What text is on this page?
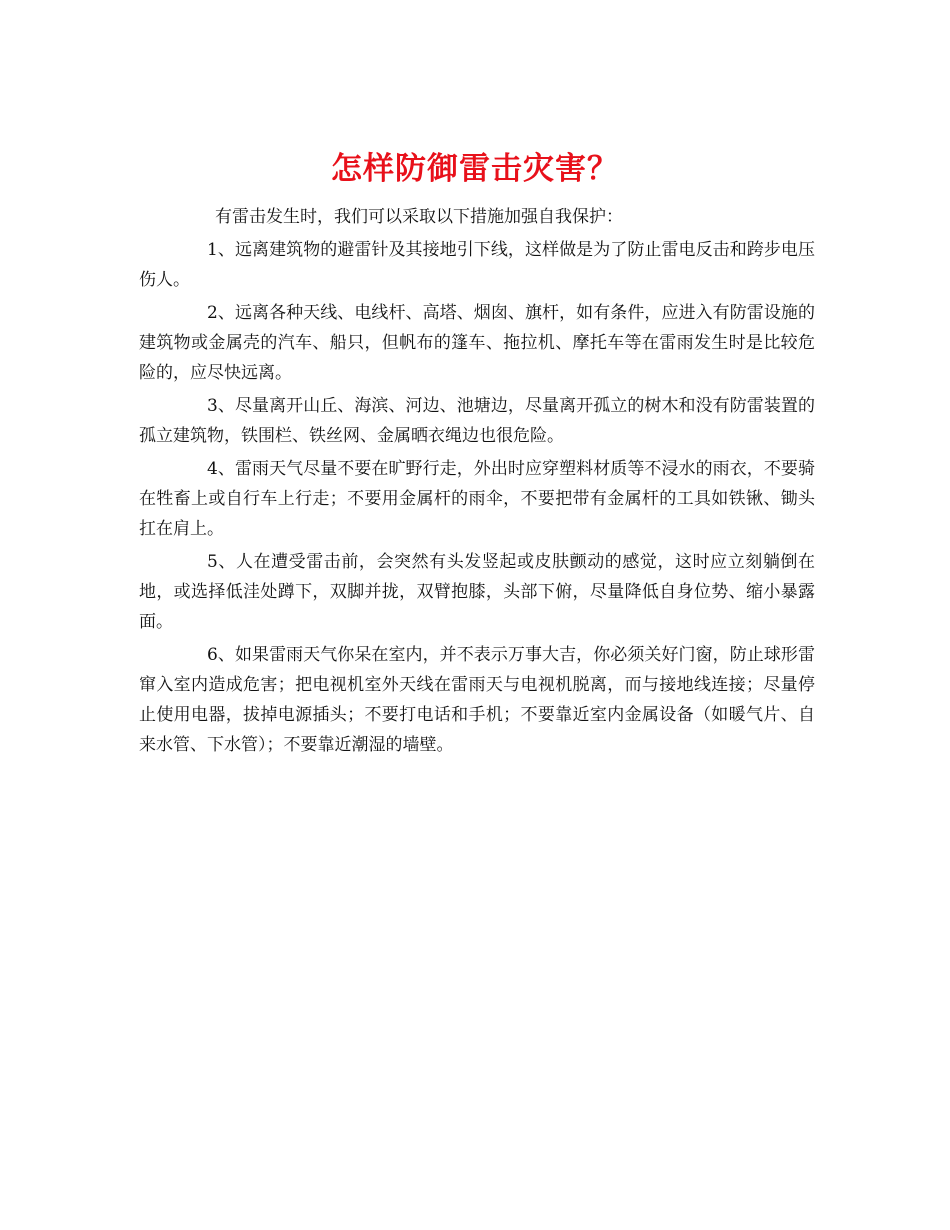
怎样防御雷击灾害？

有雷击发生时，我们可以采取以下措施加强自我保护：

1、远离建筑物的避雷针及其接地引下线，这样做是为了防止雷电反击和跨步电压伤人。

2、远离各种天线、电线杆、高塔、烟囱、旗杆，如有条件，应进入有防雷设施的建筑物或金属壳的汽车、船只，但帆布的篷车、拖拉机、摩托车等在雷雨发生时是比较危险的，应尽快远离。

3、尽量离开山丘、海滨、河边、池塘边，尽量离开孤立的树木和没有防雷装置的孤立建筑物，铁围栏、铁丝网、金属晒衣绳边也很危险。

4、雷雨天气尽量不要在旷野行走，外出时应穿塑料材质等不浸水的雨衣，不要骑在牲畜上或自行车上行走；不要用金属杆的雨伞，不要把带有金属杆的工具如铁锹、锄头扛在肩上。

5、人在遭受雷击前，会突然有头发竖起或皮肤颤动的感觉，这时应立刻躺倒在地，或选择低洼处蹲下，双脚并拢，双臂抱膝，头部下俯，尽量降低自身位势、缩小暴露面。

6、如果雷雨天气你呆在室内，并不表示万事大吉，你必须关好门窗，防止球形雷窜入室内造成危害；把电视机室外天线在雷雨天与电视机脱离，而与接地线连接；尽量停止使用电器，拔掉电源插头；不要打电话和手机；不要靠近室内金属设备（如暖气片、自来水管、下水管）；不要靠近潮湿的墙壁。
